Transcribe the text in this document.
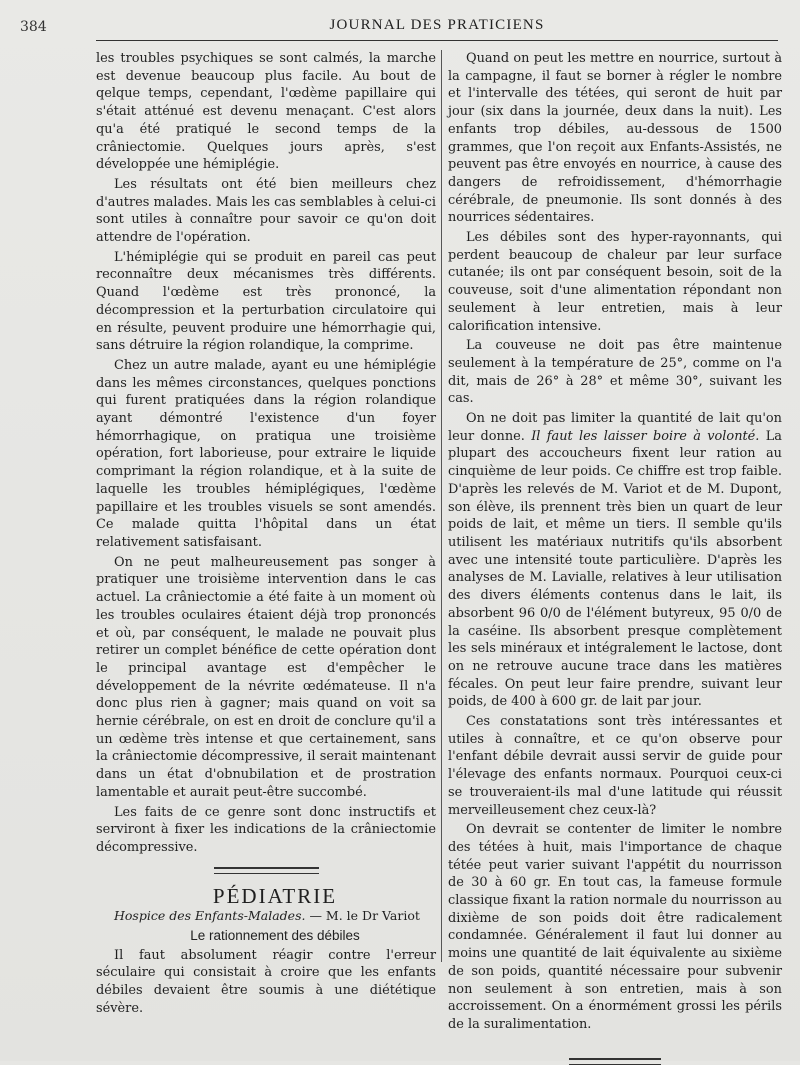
384	JOURNAL DES PRATICIENS

les troubles psychiques se sont calmés, la marche est devenue beaucoup plus facile. Au bout de qelque temps, cependant, l'œdème papillaire qui s'était atténué est devenu menaçant. C'est alors qu'a été pratiqué le second temps de la crâniectomie. Quelques jours après, s'est développée une hémiplégie.

Les résultats ont été bien meilleurs chez d'autres malades. Mais les cas semblables à celui-ci sont utiles à connaître pour savoir ce qu'on doit attendre de l'opération.

L'hémiplégie qui se produit en pareil cas peut reconnaître deux mécanismes très différents. Quand l'œdème est très prononcé, la décompression et la perturbation circulatoire qui en résulte, peuvent produire une hémorrhagie qui, sans détruire la région rolandique, la comprime.

Chez un autre malade, ayant eu une hémiplégie dans les mêmes circonstances, quelques ponctions qui furent pratiquées dans la région rolandique ayant démontré l'existence d'un foyer hémorrhagique, on pratiqua une troisième opération, fort laborieuse, pour extraire le liquide comprimant la région rolandique, et à la suite de laquelle les troubles hémiplégiques, l'œdème papillaire et les troubles visuels se sont amendés. Ce malade quitta l'hôpital dans un état relativement satisfaisant.

On ne peut malheureusement pas songer à pratiquer une troisième intervention dans le cas actuel. La crâniectomie a été faite à un moment où les troubles oculaires étaient déjà trop prononcés et où, par conséquent, le malade ne pouvait plus retirer un complet bénéfice de cette opération dont le principal avantage est d'empêcher le développement de la névrite œdémateuse. Il n'a donc plus rien à gagner; mais quand on voit sa hernie cérébrale, on est en droit de conclure qu'il a un œdème très intense et que certainement, sans la crâniectomie décompressive, il serait maintenant dans un état d'obnubilation et de prostration lamentable et aurait peut-être succombé.

Les faits de ce genre sont donc instructifs et serviront à fixer les indications de la crâniectomie décompressive.

PÉDIATRIE

Hospice des Enfants-Malades. — M. le Dr Variot

Le rationnement des débiles

Il faut absolument réagir contre l'erreur séculaire qui consistait à croire que les enfants débiles devaient être soumis à une diététique sévère.

Quand on peut les mettre en nourrice, surtout à la campagne, il faut se borner à régler le nombre et l'intervalle des tétées, qui seront de huit par jour (six dans la journée, deux dans la nuit). Les enfants trop débiles, au-dessous de 1500 grammes, que l'on reçoit aux Enfants-Assistés, ne peuvent pas être envoyés en nourrice, à cause des dangers de refroidissement, d'hémorrhagie cérébrale, de pneumonie. Ils sont donnés à des nourrices sédentaires.

Les débiles sont des hyper-rayonnants, qui perdent beaucoup de chaleur par leur surface cutanée; ils ont par conséquent besoin, soit de la couveuse, soit d'une alimentation répondant non seulement à leur entretien, mais à leur calorification intensive.

La couveuse ne doit pas être maintenue seulement à la température de 25°, comme on l'a dit, mais de 26° à 28° et même 30°, suivant les cas.

On ne doit pas limiter la quantité de lait qu'on leur donne. Il faut les laisser boire à volonté. La plupart des accoucheurs fixent leur ration au cinquième de leur poids. Ce chiffre est trop faible. D'après les relevés de M. Variot et de M. Dupont, son élève, ils prennent très bien un quart de leur poids de lait, et même un tiers. Il semble qu'ils utilisent les matériaux nutritifs qu'ils absorbent avec une intensité toute particulière. D'après les analyses de M. Lavialle, relatives à leur utilisation des divers éléments contenus dans le lait, ils absorbent 96 0/0 de l'élément butyreux, 95 0/0 de la caséine. Ils absorbent presque complètement les sels minéraux et intégralement le lactose, dont on ne retrouve aucune trace dans les matières fécales. On peut leur faire prendre, suivant leur poids, de 400 à 600 gr. de lait par jour.

Ces constatations sont très intéressantes et utiles à connaître, et ce qu'on observe pour l'enfant débile devrait aussi servir de guide pour l'élevage des enfants normaux. Pourquoi ceux-ci se trouveraient-ils mal d'une latitude qui réussit merveilleusement chez ceux-là?

On devrait se contenter de limiter le nombre des tétées à huit, mais l'importance de chaque tétée peut varier suivant l'appétit du nourrisson de 30 à 60 gr. En tout cas, la fameuse formule classique fixant la ration normale du nourrisson au dixième de son poids doit être radicalement condamnée. Généralement il faut lui donner au moins une quantité de lait équivalente au sixième de son poids, quantité nécessaire pour subvenir non seulement à son entretien, mais à son accroissement. On a énormément grossi les périls de la suralimentation.
